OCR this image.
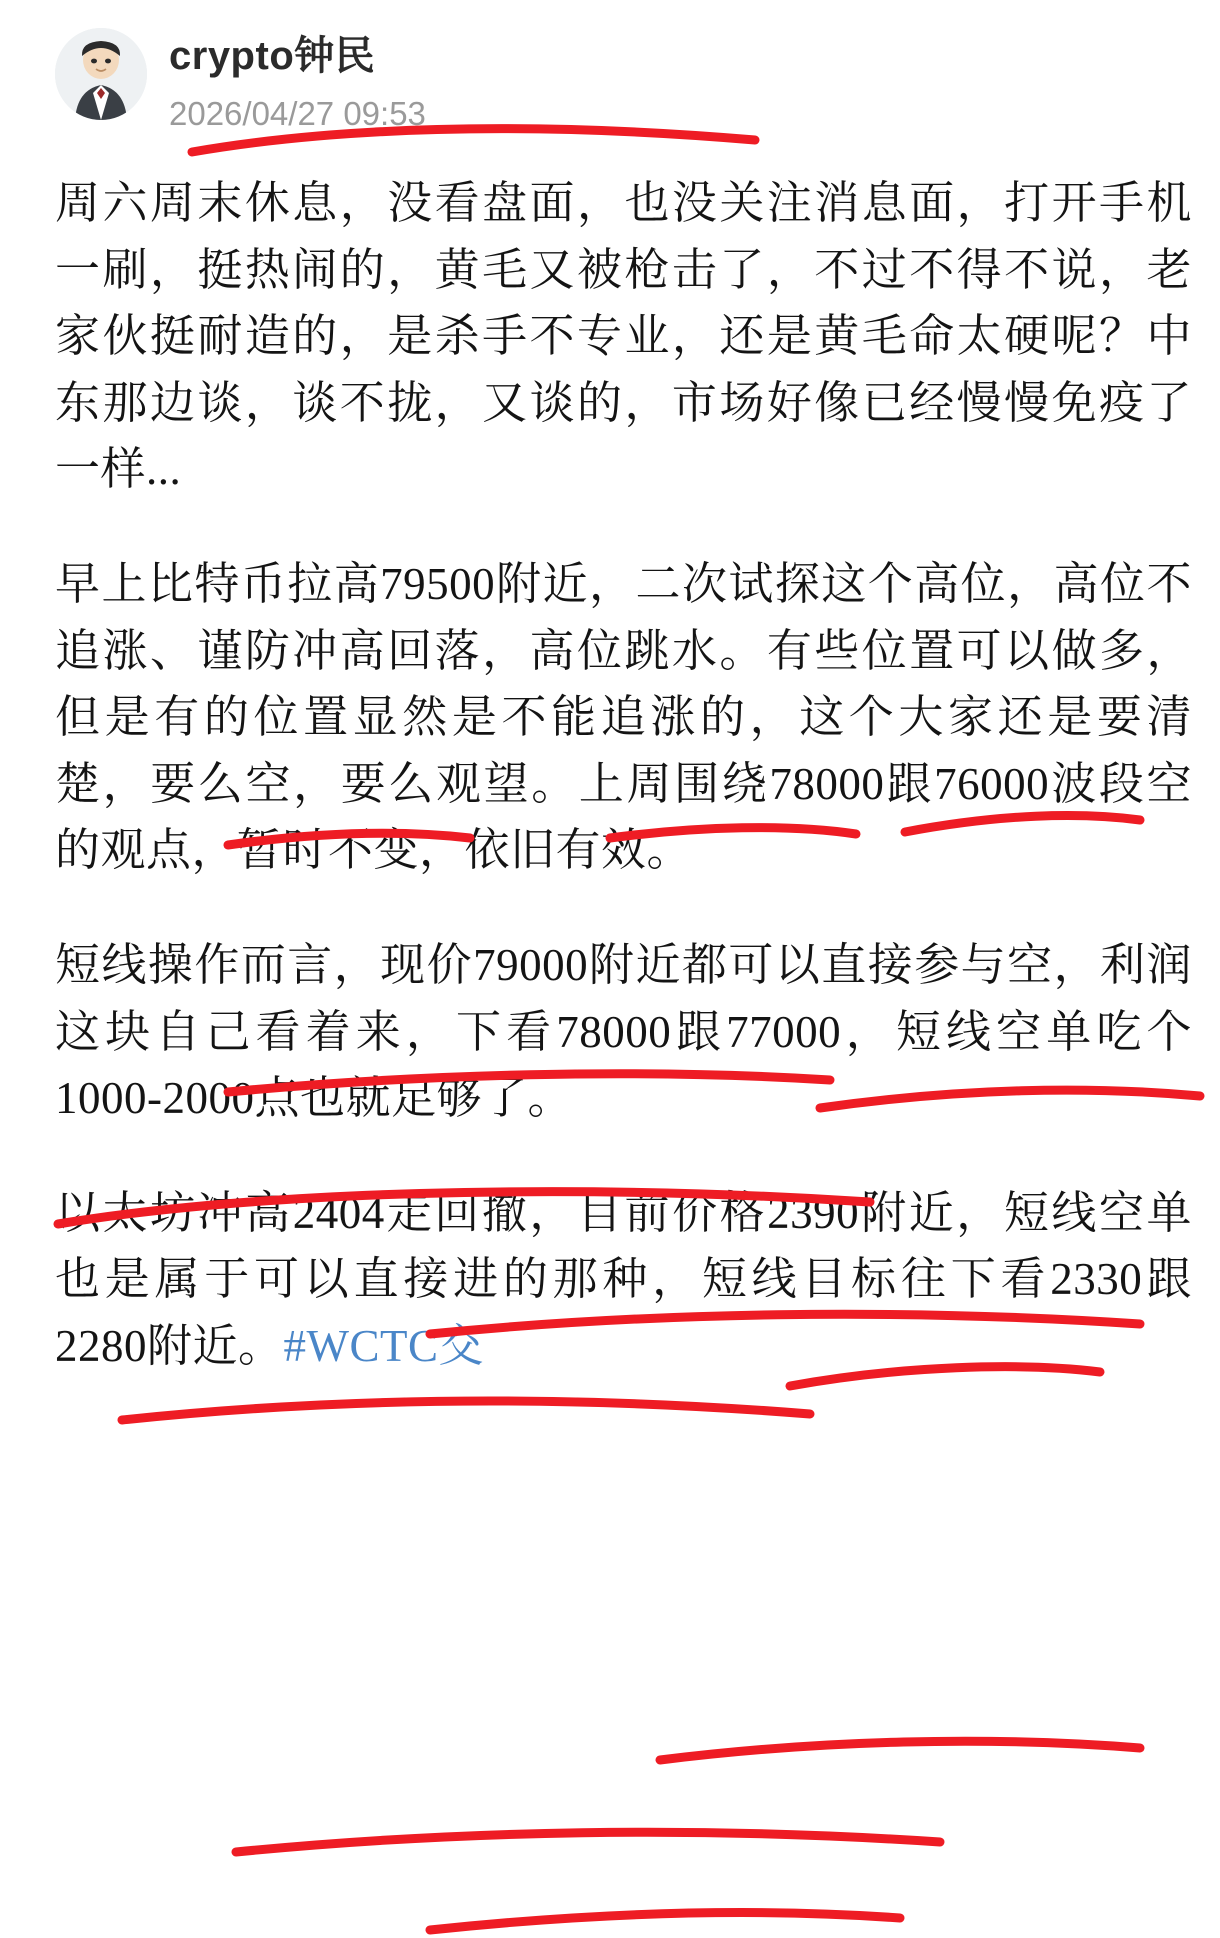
crypto钟民
2026/04/27 09:53

周六周末休息，没看盘面，也没关注消息面，打开手机一刷，挺热闹的，黄毛又被枪击了，不过不得不说，老家伙挺耐造的，是杀手不专业，还是黄毛命太硬呢？中东那边谈，谈不拢，又谈的，市场好像已经慢慢免疫了一样...

早上比特币拉高79500附近，二次试探这个高位，高位不追涨、谨防冲高回落，高位跳水。有些位置可以做多，但是有的位置显然是不能追涨的，这个大家还是要清楚，要么空，要么观望。上周围绕78000跟76000波段空的观点，暂时不变，依旧有效。

短线操作而言，现价79000附近都可以直接参与空，利润这块自己看着来，下看78000跟77000，短线空单吃个1000-2000点也就足够了。

以太坊冲高2404走回撤，目前价格2390附近，短线空单也是属于可以直接进的那种，短线目标往下看2330跟2280附近。#WCTC交
